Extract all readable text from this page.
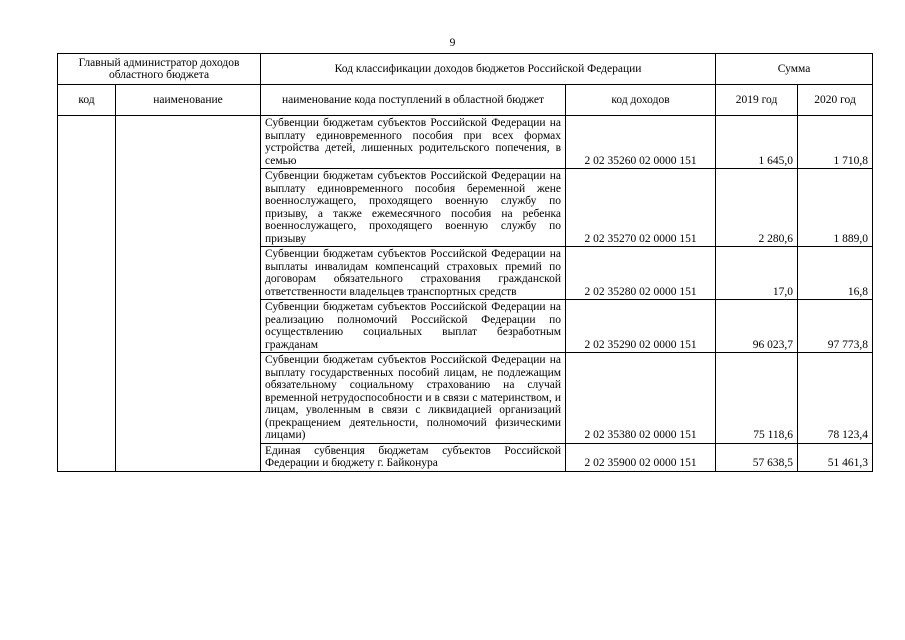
9
Главный администратор доходов областного бюджета		Код классификации доходов бюджетов Российской Федерации		Сумма	
код	наименование	наименование кода поступлений в областной бюджет	код доходов	2019 год	2020 год
		Субвенции бюджетам субъектов Российской Федерации на выплату единовременного пособия при всех формах устройства детей, лишенных родительского попечения, в семью	2 02 35260 02 0000 151	1 645,0	1 710,8
		Субвенции бюджетам субъектов Российской Федерации на выплату единовременного пособия беременной жене военнослужащего, проходящего военную службу по призыву, а также ежемесячного пособия на ребенка военнослужащего, проходящего военную службу по призыву	2 02 35270 02 0000 151	2 280,6	1 889,0
		Субвенции бюджетам субъектов Российской Федерации на выплаты инвалидам компенсаций страховых премий по договорам обязательного страхования гражданской ответственности владельцев транспортных средств	2 02 35280 02 0000 151	17,0	16,8
		Субвенции бюджетам субъектов Российской Федерации на реализацию полномочий Российской Федерации по осуществлению социальных выплат безработным гражданам	2 02 35290 02 0000 151	96 023,7	97 773,8
		Субвенции бюджетам субъектов Российской Федерации на выплату государственных пособий лицам, не подлежащим обязательному социальному страхованию на случай временной нетрудоспособности и в связи с материнством, и лицам, уволенным в связи с ликвидацией организаций (прекращением деятельности, полномочий физическими лицами)	2 02 35380 02 0000 151	75 118,6	78 123,4
		Единая субвенция бюджетам субъектов Российской Федерации и бюджету г. Байконура	2 02 35900 02 0000 151	57 638,5	51 461,3
